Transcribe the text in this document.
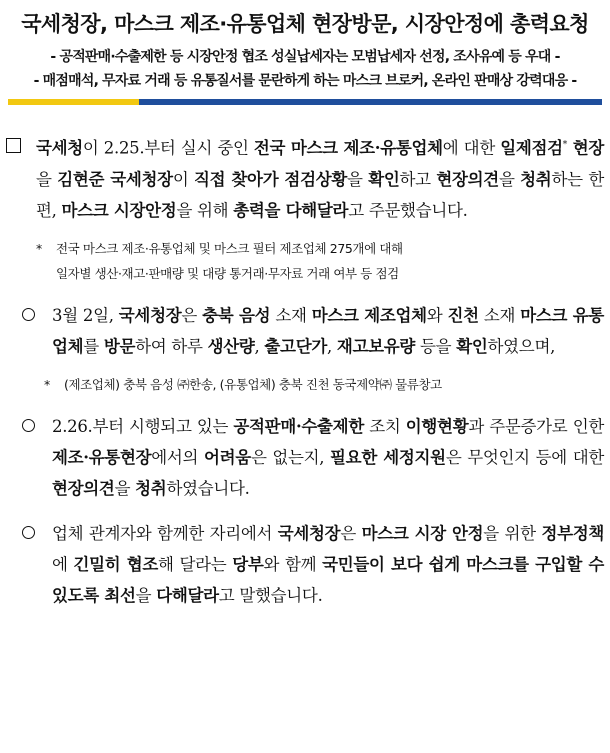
국세청장, 마스크 제조·유통업체 현장방문, 시장안정에 총력요청
- 공적판매·수출제한 등 시장안정 협조 성실납세자는 모범납세자 선정, 조사유예 등 우대 -
- 매점매석, 무자료 거래 등 유통질서를 문란하게 하는 마스크 브로커, 온라인 판매상 강력대응 -
국세청이 2.25.부터 실시 중인 전국 마스크 제조·유통업체에 대한 일제점검* 현장을 김현준 국세청장이 직접 찾아가 점검상황을 확인하고 현장의견을 청취하는 한편, 마스크 시장안정을 위해 총력을 다해달라고 주문했습니다.
* 전국 마스크 제조·유통업체 및 마스크 필터 제조업체 275개에 대해
일자별 생산·재고·판매량 및 대량 통거래·무자료 거래 여부 등 점검
3월 2일, 국세청장은 충북 음성 소재 마스크 제조업체와 진천 소재 마스크 유통업체를 방문하여 하루 생산량, 출고단가, 재고보유량 등을 확인하였으며,
* (제조업체) 충북 음성 ㈜한송, (유통업체) 충북 진천 동국제약㈜ 물류창고
2.26.부터 시행되고 있는 공적판매·수출제한 조치 이행현황과 주문증가로 인한 제조·유통현장에서의 어려움은 없는지, 필요한 세정지원은 무엇인지 등에 대한 현장의견을 청취하였습니다.
업체 관계자와 함께한 자리에서 국세청장은 마스크 시장 안정을 위한 정부정책에 긴밀히 협조해 달라는 당부와 함께 국민들이 보다 쉽게 마스크를 구입할 수 있도록 최선을 다해달라고 말했습니다.
